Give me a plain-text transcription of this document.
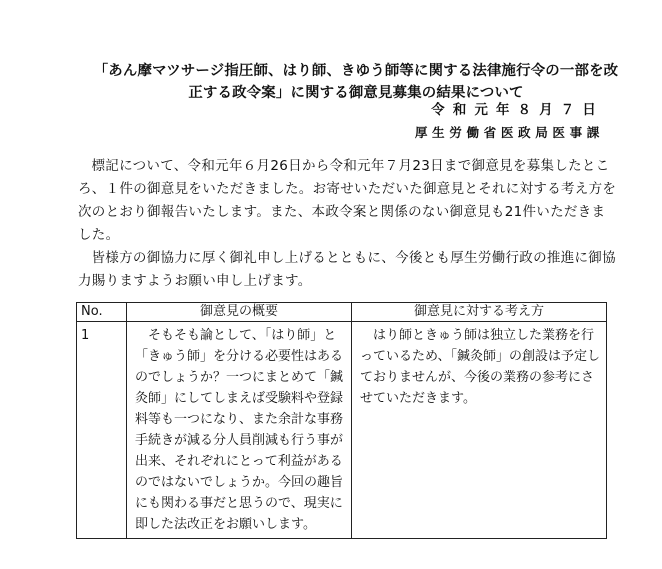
「あん摩マツサージ指圧師、はり師、きゆう師等に関する法律施行令の一部を改正する政令案」に関する御意見募集の結果について
令和元年８月７日
厚生労働省医政局医事課

標記について、令和元年６月26日から令和元年７月23日まで御意見を募集したところ、１件の御意見をいただきました。お寄せいただいた御意見とそれに対する考え方を次のとおり御報告いたします。また、本政令案と関係のない御意見も21件いただきました。

皆様方の御協力に厚く御礼申し上げるとともに、今後とも厚生労働行政の推進に御協力賜りますようお願い申し上げます。

No.	御意見の概要	御意見に対する考え方
1	そもそも論として、「はり師」と「きゅう師」を分ける必要性はあるのでしょうか？一つにまとめて「鍼灸師」にしてしまえば受験料や登録料等も一つになり、また余計な事務手続きが減る分人員削減も行う事が出来、それぞれにとって利益があるのではないでしょうか。今回の趣旨にも関わる事だと思うので、現実に即した法改正をお願いします。	はり師ときゅう師は独立した業務を行っているため、「鍼灸師」の創設は予定しておりませんが、今後の業務の参考にさせていただきます。
